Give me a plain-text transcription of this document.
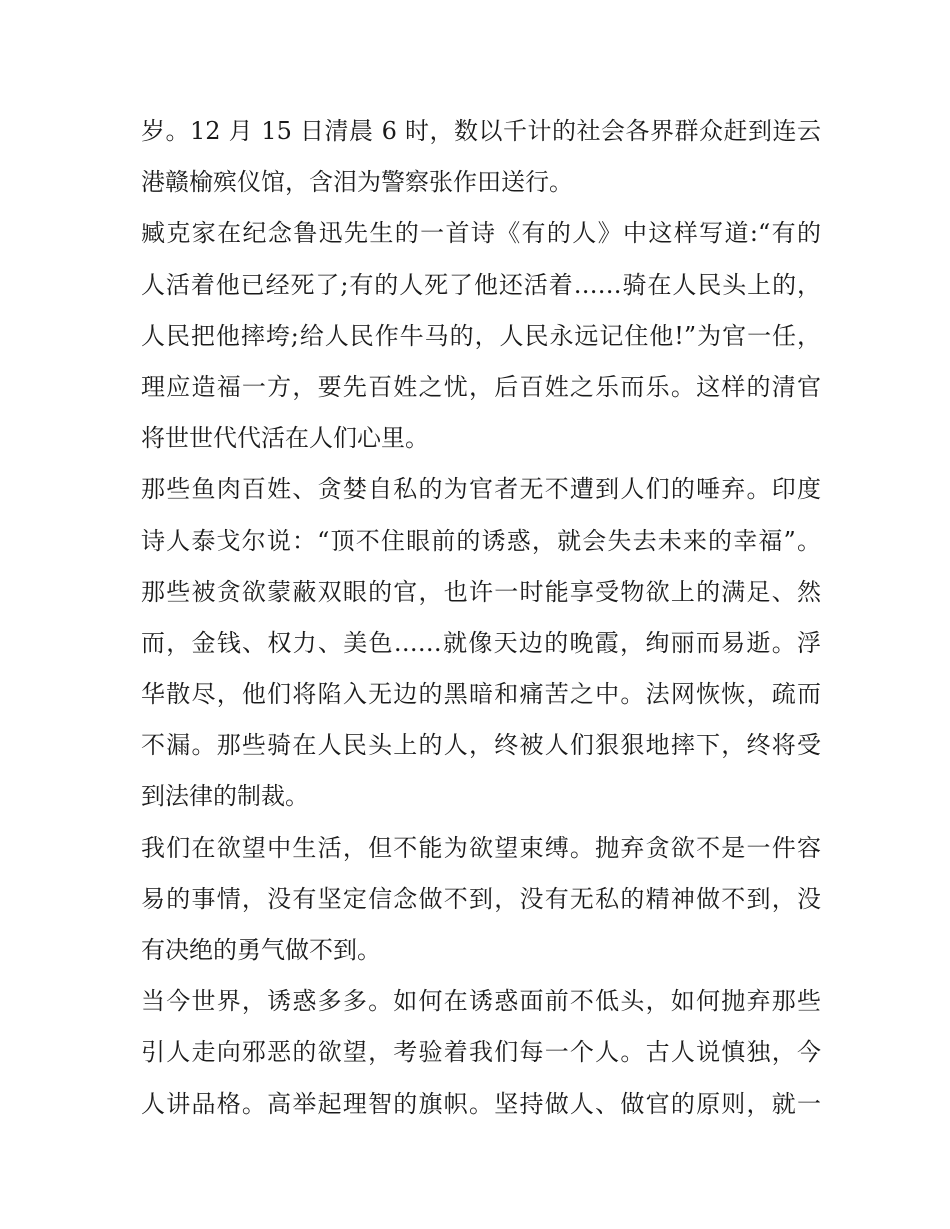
岁。12 月 15 日清晨 6 时，数以千计的社会各界群众赶到连云
港赣榆殡仪馆，含泪为警察张作田送行。
臧克家在纪念鲁迅先生的一首诗《有的人》中这样写道:“有的
人活着他已经死了;有的人死了他还活着……骑在人民头上的，
人民把他摔垮;给人民作牛马的，人民永远记住他!”为官一任，
理应造福一方，要先百姓之忧，后百姓之乐而乐。这样的清官
将世世代代活在人们心里。
那些鱼肉百姓、贪婪自私的为官者无不遭到人们的唾弃。印度
诗人泰戈尔说：“顶不住眼前的诱惑，就会失去未来的幸福”。
那些被贪欲蒙蔽双眼的官，也许一时能享受物欲上的满足、然
而，金钱、权力、美色……就像天边的晚霞，绚丽而易逝。浮
华散尽，他们将陷入无边的黑暗和痛苦之中。法网恢恢，疏而
不漏。那些骑在人民头上的人，终被人们狠狠地摔下，终将受
到法律的制裁。
我们在欲望中生活，但不能为欲望束缚。抛弃贪欲不是一件容
易的事情，没有坚定信念做不到，没有无私的精神做不到，没
有决绝的勇气做不到。
当今世界，诱惑多多。如何在诱惑面前不低头，如何抛弃那些
引人走向邪恶的欲望，考验着我们每一个人。古人说慎独，今
人讲品格。高举起理智的旗帜。坚持做人、做官的原则，就一
